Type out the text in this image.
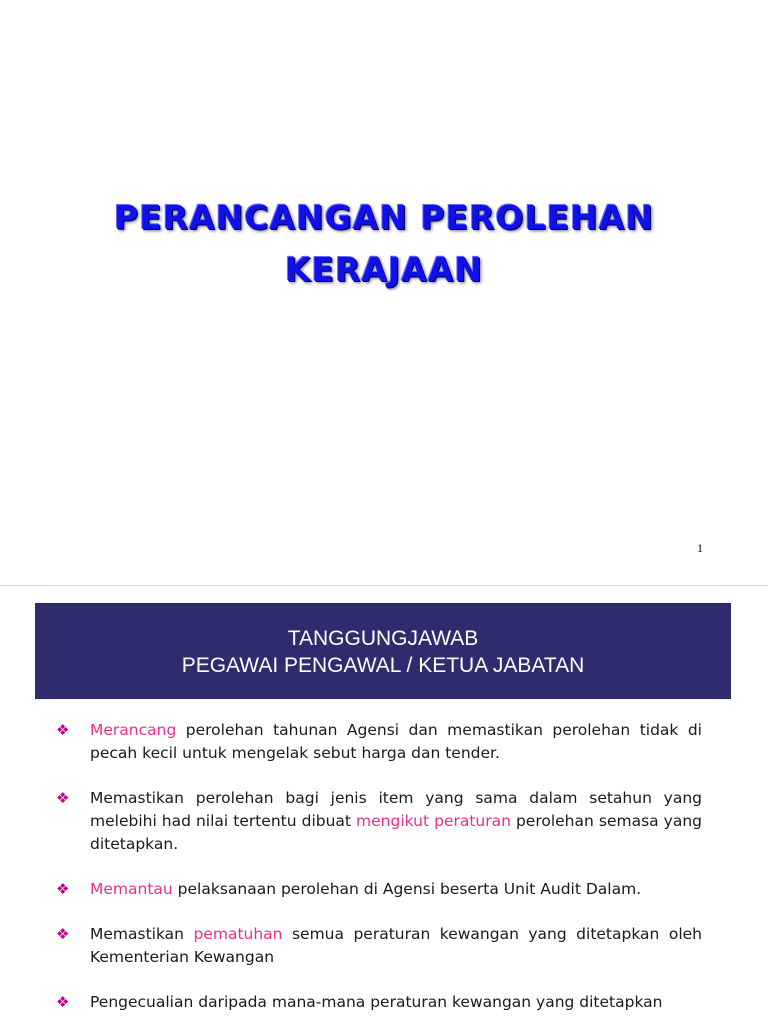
PERANCANGAN PEROLEHAN
KERAJAAN
1
TANGGUNGJAWAB
PEGAWAI PENGAWAL / KETUA JABATAN
❖ Merancang perolehan tahunan Agensi dan memastikan perolehan tidak di pecah kecil untuk mengelak sebut harga dan tender.
❖ Memastikan perolehan bagi jenis item yang sama dalam setahun yang melebihi had nilai tertentu dibuat mengikut peraturan perolehan semasa yang ditetapkan.
❖ Memantau pelaksanaan perolehan di Agensi beserta Unit Audit Dalam.
❖ Memastikan pematuhan semua peraturan kewangan yang ditetapkan oleh Kementerian Kewangan
❖ Pengecualian daripada mana-mana peraturan kewangan yang ditetapkan
